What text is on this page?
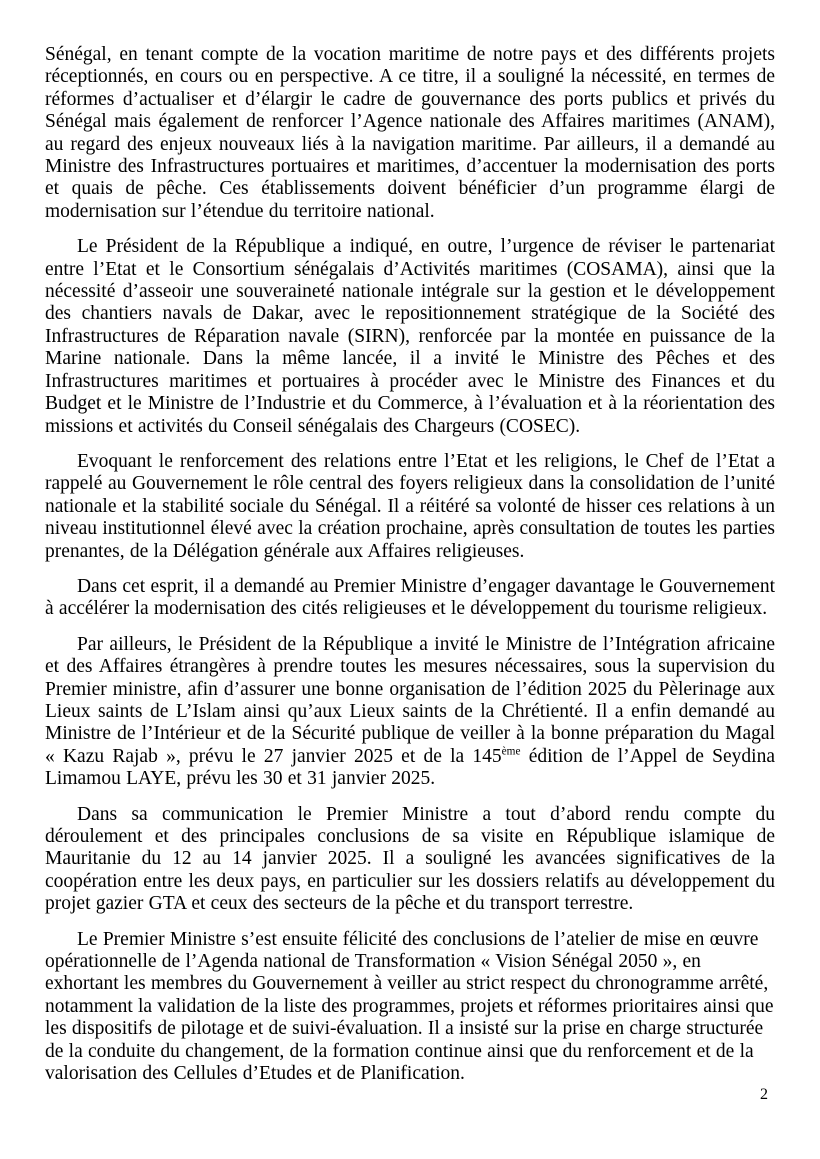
Sénégal, en tenant compte de la vocation maritime de notre pays et des différents projets réceptionnés, en cours ou en perspective. A ce titre, il a souligné la nécessité, en termes de réformes d’actualiser et d’élargir le cadre de gouvernance des ports publics et privés du Sénégal mais également de renforcer l’Agence nationale des Affaires maritimes (ANAM), au regard des enjeux nouveaux liés à la navigation maritime. Par ailleurs, il a demandé au Ministre des Infrastructures portuaires et maritimes, d’accentuer la modernisation des ports et quais de pêche. Ces établissements doivent bénéficier d’un programme élargi de modernisation sur l’étendue du territoire national.

Le Président de la République a indiqué, en outre, l’urgence de réviser le partenariat entre l’Etat et le Consortium sénégalais d’Activités maritimes (COSAMA), ainsi que la nécessité d’asseoir une souveraineté nationale intégrale sur la gestion et le développement des chantiers navals de Dakar, avec le repositionnement stratégique de la Société des Infrastructures de Réparation navale (SIRN), renforcée par la montée en puissance de la Marine nationale. Dans la même lancée, il a invité le Ministre des Pêches et des Infrastructures maritimes et portuaires à procéder avec le Ministre des Finances et du Budget et le Ministre de l’Industrie et du Commerce, à l’évaluation et à la réorientation des missions et activités du Conseil sénégalais des Chargeurs (COSEC).

Evoquant le renforcement des relations entre l’Etat et les religions, le Chef de l’Etat a rappelé au Gouvernement le rôle central des foyers religieux dans la consolidation de l’unité nationale et la stabilité sociale du Sénégal. Il a réitéré sa volonté de hisser ces relations à un niveau institutionnel élevé avec la création prochaine, après consultation de toutes les parties prenantes, de la Délégation générale aux Affaires religieuses.

Dans cet esprit, il a demandé au Premier Ministre d’engager davantage le Gouvernement à accélérer la modernisation des cités religieuses et le développement du tourisme religieux.

Par ailleurs, le Président de la République a invité le Ministre de l’Intégration africaine et des Affaires étrangères à prendre toutes les mesures nécessaires, sous la supervision du Premier ministre, afin d’assurer une bonne organisation de l’édition 2025 du Pèlerinage aux Lieux saints de L’Islam ainsi qu’aux Lieux saints de la Chrétienté. Il a enfin demandé au Ministre de l’Intérieur et de la Sécurité publique de veiller à la bonne préparation du Magal « Kazu Rajab », prévu le 27 janvier 2025 et de la 145ème édition de l’Appel de Seydina Limamou LAYE, prévu les 30 et 31 janvier 2025.

Dans sa communication le Premier Ministre a tout d’abord rendu compte du déroulement et des principales conclusions de sa visite en République islamique de Mauritanie du 12 au 14 janvier 2025. Il a souligné les avancées significatives de la coopération entre les deux pays, en particulier sur les dossiers relatifs au développement du projet gazier GTA et ceux des secteurs de la pêche et du transport terrestre.

Le Premier Ministre s’est ensuite félicité des conclusions de l’atelier de mise en œuvre opérationnelle de l’Agenda national de Transformation « Vision Sénégal 2050 », en exhortant les membres du Gouvernement à veiller au strict respect du chronogramme arrêté, notamment la validation de la liste des programmes, projets et réformes prioritaires ainsi que les dispositifs de pilotage et de suivi-évaluation. Il a insisté sur la prise en charge structurée de la conduite du changement, de la formation continue ainsi que du renforcement et de la valorisation des Cellules d’Etudes et de Planification.

2
